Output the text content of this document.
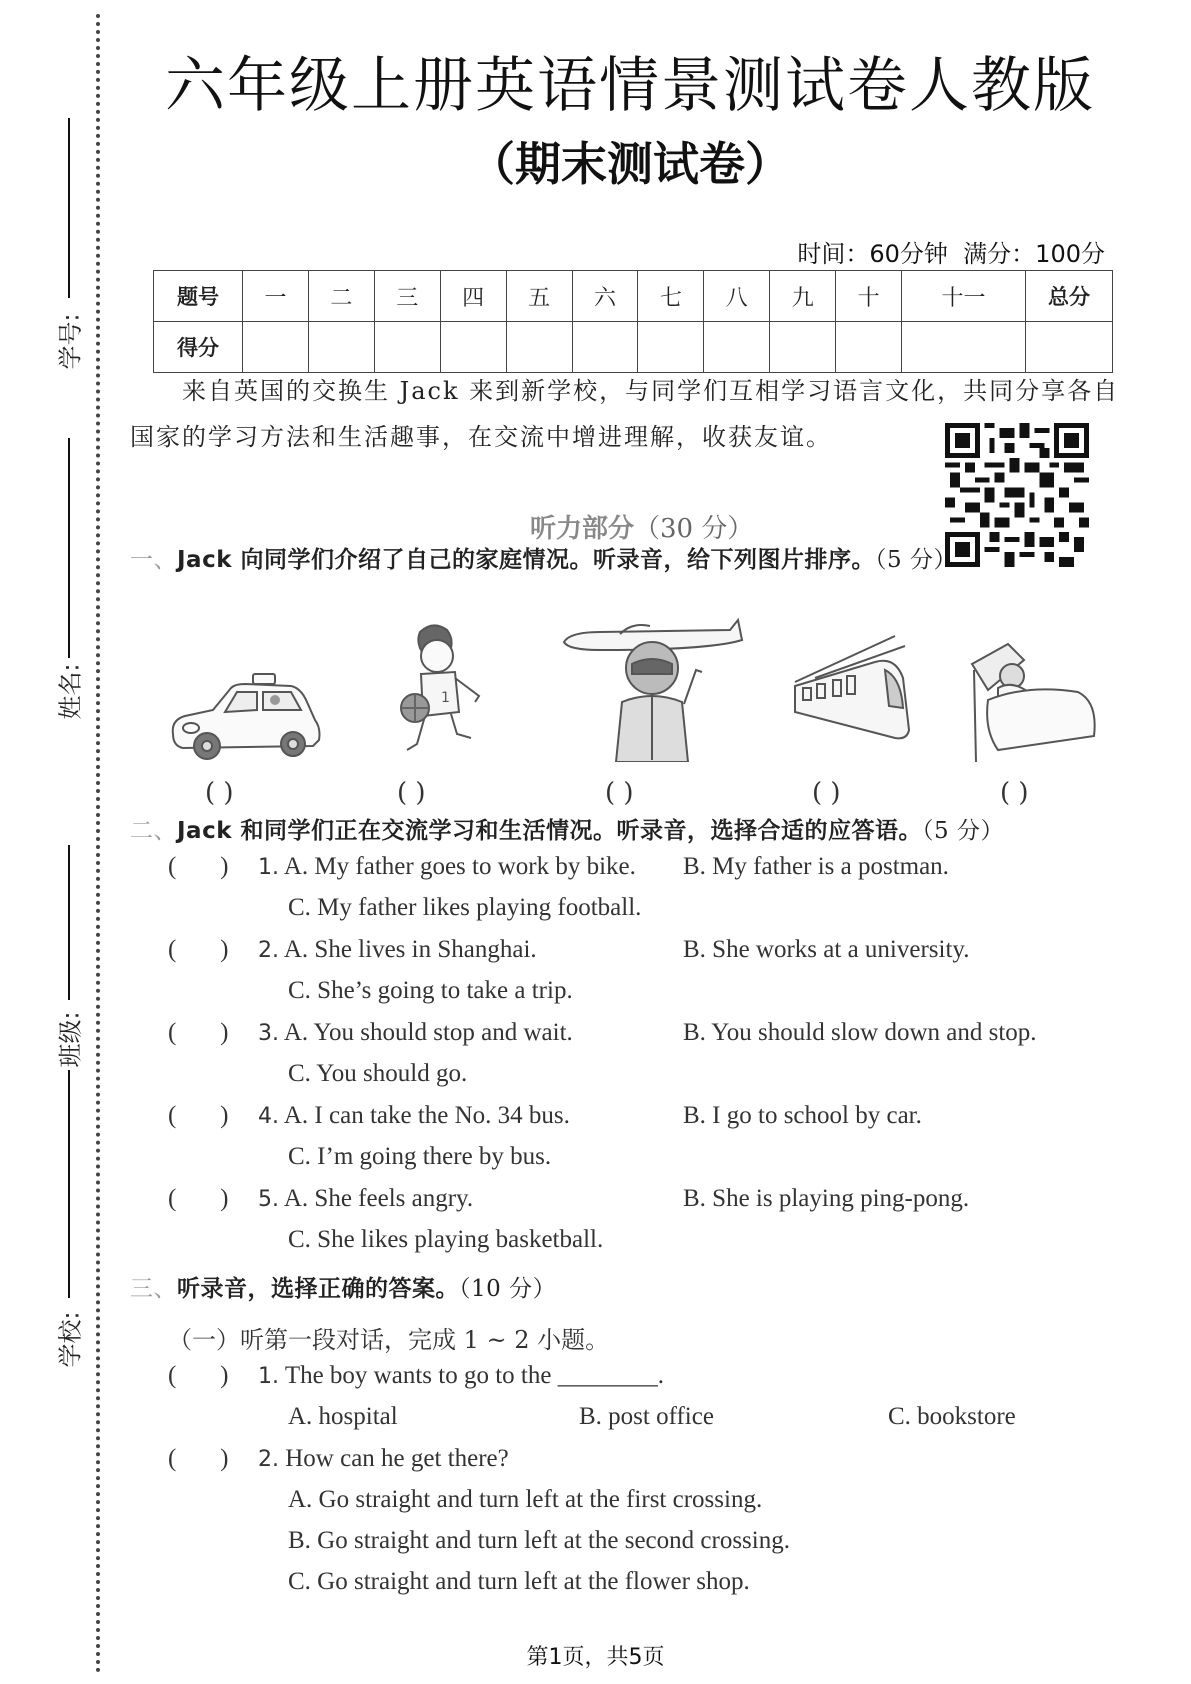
学号:
姓名:
班级:
学校:
六年级上册英语情景测试卷人教版
（期末测试卷）
时间：60分钟  满分：100分
题号	一	二	三	四	五	六	七	八	九	十	十一	总分
得分												
来自英国的交换生 Jack 来到新学校，与同学们互相学习语言文化，共同分享各自
国家的学习方法和生活趣事，在交流中增进理解，收获友谊。
听力部分（30 分）
一、Jack 向同学们介绍了自己的家庭情况。听录音，给下列图片排序。（5 分）
1
( )	( )	( )	( )	( )
二、Jack 和同学们正在交流学习和生活情况。听录音，选择合适的应答语。（5 分）
(       ) 1. A. My father goes to work by bike. B. My father is a postman.
C. My father likes playing football.
(       ) 2. A. She lives in Shanghai.	B. She works at a university.
C. She’s going to take a trip.
(       ) 3. A. You should stop and wait.	B. You should slow down and stop.
C. You should go.
(       ) 4. A. I can take the No. 34 bus.	B. I go to school by car.
C. I’m going there by bus.
(       ) 5. A. She feels angry.	B. She is playing ping-pong.
C. She likes playing basketball.
三、听录音，选择正确的答案。（10 分）
（一）听第一段对话，完成 1 ~ 2 小题。
(       ) 1. The boy wants to go to the ________.
A. hospital	B. post office	C. bookstore
(       ) 2. How can he get there?
A. Go straight and turn left at the first crossing.
B. Go straight and turn left at the second crossing.
C. Go straight and turn left at the flower shop.
第1页，共5页
